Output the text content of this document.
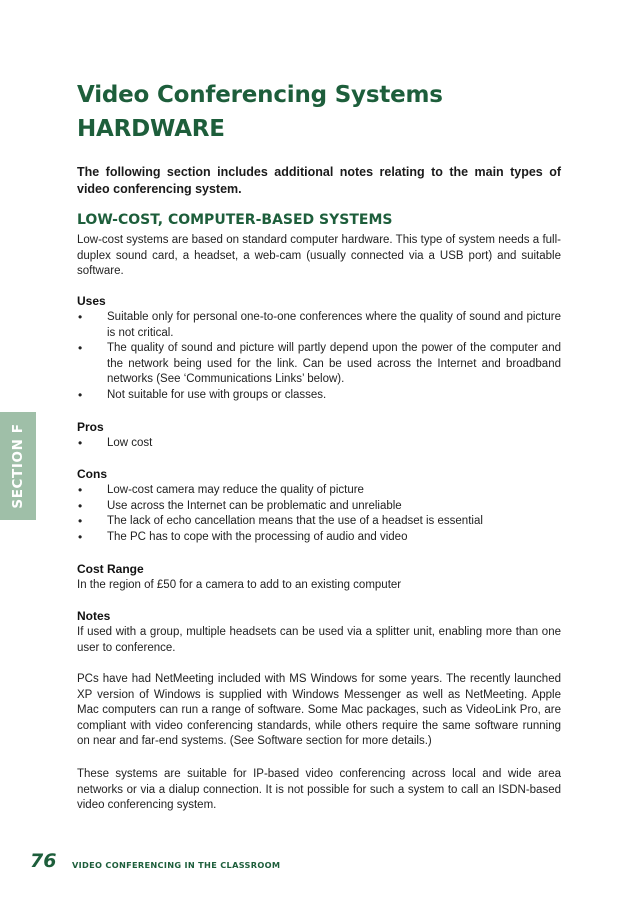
Video Conferencing Systems
HARDWARE

The following section includes additional notes relating to the main types of video conferencing system.

LOW-COST, COMPUTER-BASED SYSTEMS

Low-cost systems are based on standard computer hardware. This type of system needs a full-duplex sound card, a headset, a web-cam (usually connected via a USB port) and suitable software.

Uses
• Suitable only for personal one-to-one conferences where the quality of sound and picture is not critical.
• The quality of sound and picture will partly depend upon the power of the computer and the network being used for the link. Can be used across the Internet and broadband networks (See ‘Communications Links’ below).
• Not suitable for use with groups or classes.
Pros
• Low cost
Cons
• Low-cost camera may reduce the quality of picture
• Use across the Internet can be problematic and unreliable
• The lack of echo cancellation means that the use of a headset is essential
• The PC has to cope with the processing of audio and video
Cost Range

In the region of £50 for a camera to add to an existing computer

Notes

If used with a group, multiple headsets can be used via a splitter unit, enabling more than one user to conference.

PCs have had NetMeeting included with MS Windows for some years. The recently launched XP version of Windows is supplied with Windows Messenger as well as NetMeeting. Apple Mac computers can run a range of software. Some Mac packages, such as VideoLink Pro, are compliant with video conferencing standards, while others require the same software running on near and far-end systems. (See Software section for more details.)

These systems are suitable for IP-based video conferencing across local and wide area networks or via a dialup connection. It is not possible for such a system to call an ISDN-based video conferencing system.

SECTION F
76 VIDEO CONFERENCING IN THE CLASSROOM
